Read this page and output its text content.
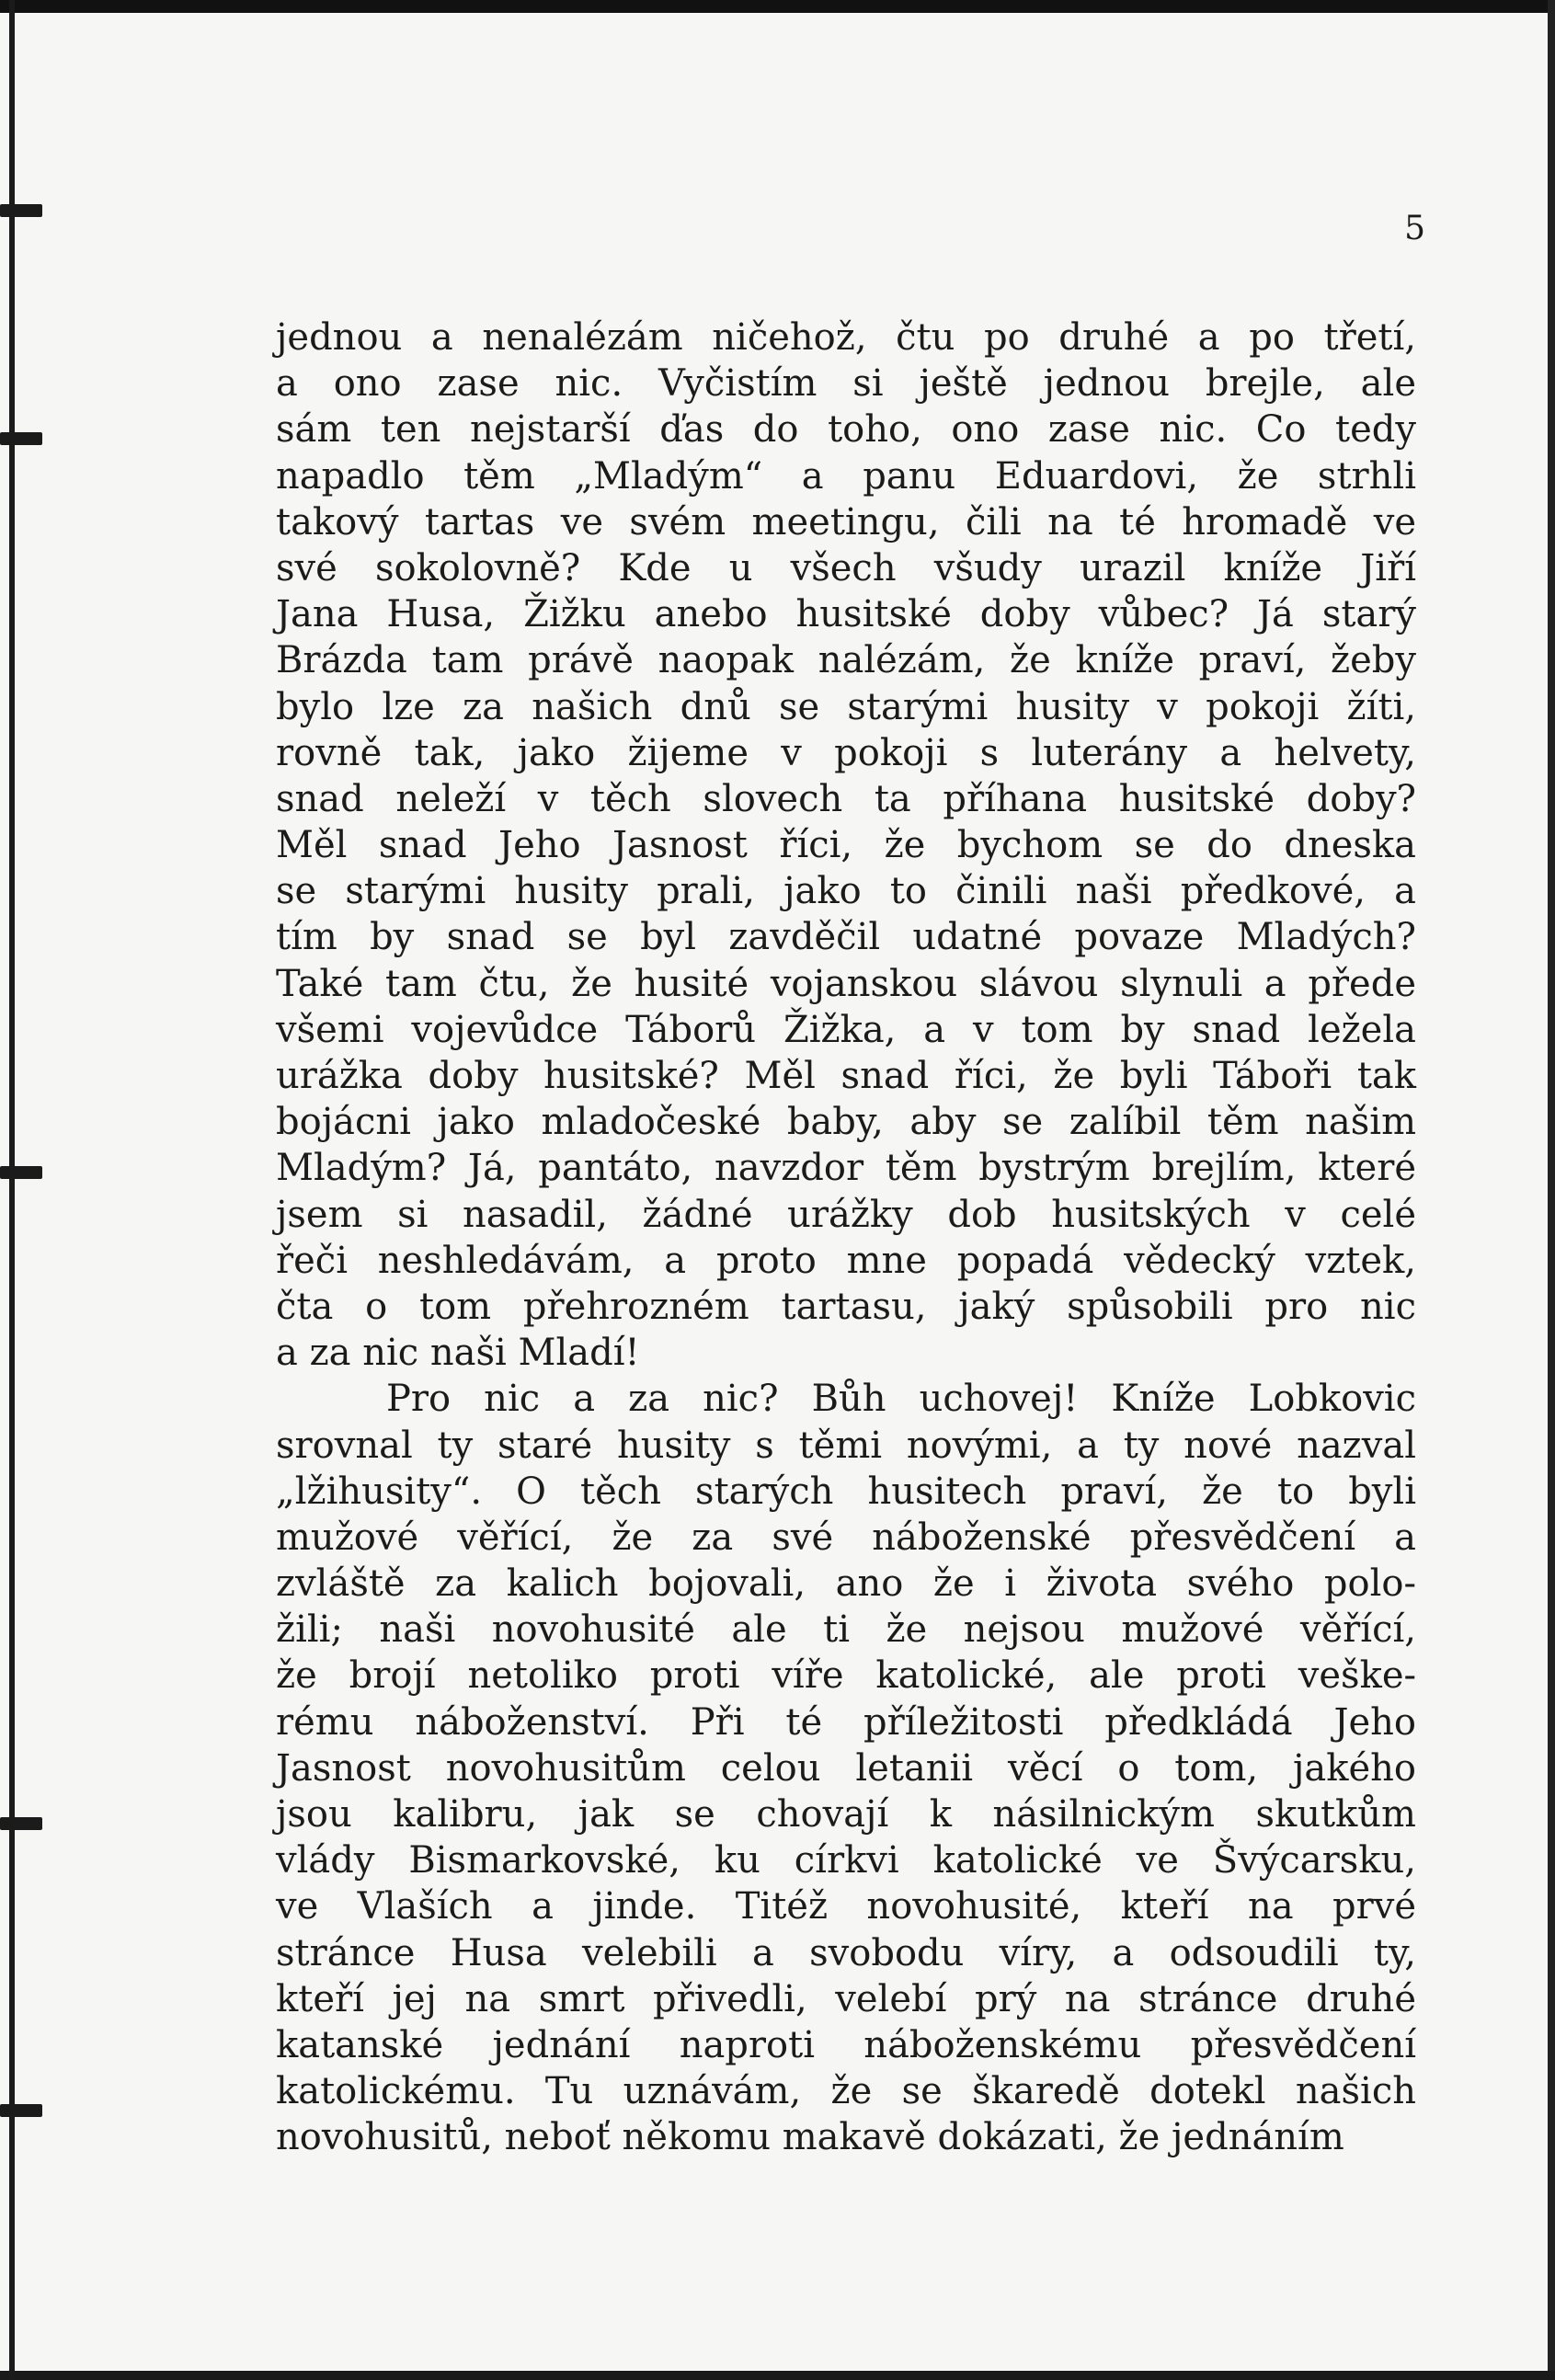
5
jednou a nenalézám ničehož, čtu po druhé a po třetí,
a ono zase nic. Vyčistím si ještě jednou brejle, ale
sám ten nejstarší ďas do toho, ono zase nic. Co tedy
napadlo těm „Mladým“ a panu Eduardovi, že strhli
takový tartas ve svém meetingu, čili na té hromadě ve
své sokolovně? Kde u všech všudy urazil kníže Jiří
Jana Husa, Žižku anebo husitské doby vůbec? Já starý
Brázda tam právě naopak nalézám, že kníže praví, žeby
bylo lze za našich dnů se starými husity v pokoji žíti,
rovně tak, jako žijeme v pokoji s luterány a helvety,
snad neleží v těch slovech ta příhana husitské doby?
Měl snad Jeho Jasnost říci, že bychom se do dneska
se starými husity prali, jako to činili naši předkové, a
tím by snad se byl zavděčil udatné povaze Mladých?
Také tam čtu, že husité vojanskou slávou slynuli a přede
všemi vojevůdce Táborů Žižka, a v tom by snad ležela
urážka doby husitské? Měl snad říci, že byli Táboři tak
bojácni jako mladočeské baby, aby se zalíbil těm našim
Mladým? Já, pantáto, navzdor těm bystrým brejlím, které
jsem si nasadil, žádné urážky dob husitských v celé
řeči neshledávám, a proto mne popadá vědecký vztek,
čta o tom přehrozném tartasu, jaký spůsobili pro nic
a za nic naši Mladí!
Pro nic a za nic? Bůh uchovej! Kníže Lobkovic
srovnal ty staré husity s těmi novými, a ty nové nazval
„lžihusity“. O těch starých husitech praví, že to byli
mužové věřící, že za své náboženské přesvědčení a
zvláště za kalich bojovali, ano že i života svého polo-
žili; naši novohusité ale ti že nejsou mužové věřící,
že brojí netoliko proti víře katolické, ale proti veške-
rému náboženství. Při té příležitosti předkládá Jeho
Jasnost novohusitům celou letanii věcí o tom, jakého
jsou kalibru, jak se chovají k násilnickým skutkům
vlády Bismarkovské, ku církvi katolické ve Švýcarsku,
ve Vlaších a jinde. Titéž novohusité, kteří na prvé
stránce Husa velebili a svobodu víry, a odsoudili ty,
kteří jej na smrt přivedli, velebí prý na stránce druhé
katanské jednání naproti náboženskému přesvědčení
katolickému. Tu uznávám, že se škaredě dotekl našich
novohusitů, neboť někomu makavě dokázati, že jednáním
